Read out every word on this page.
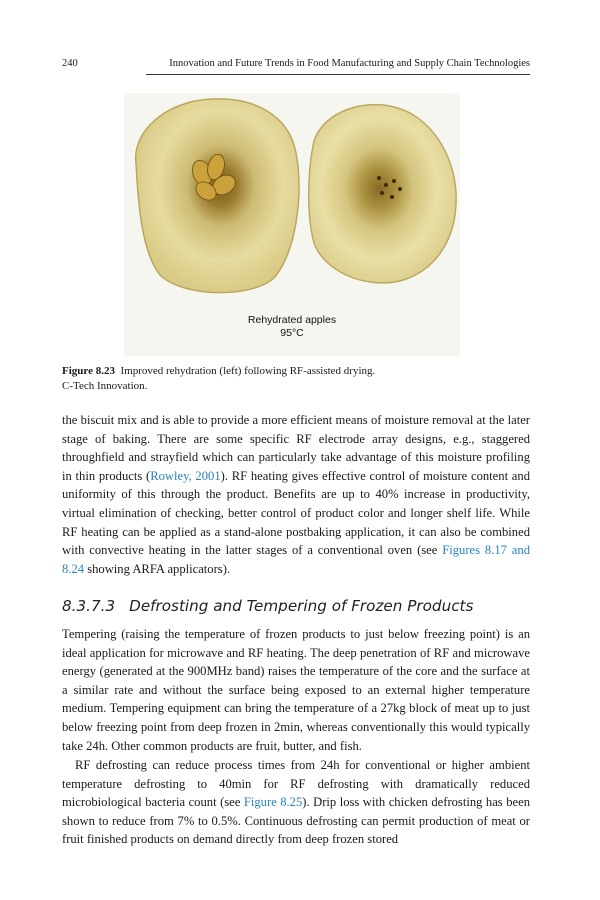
240	Innovation and Future Trends in Food Manufacturing and Supply Chain Technologies
Rehydrated apples
95°C
Figure 8.23 Improved rehydration (left) following RF-assisted drying.
C-Tech Innovation.
the biscuit mix and is able to provide a more efficient means of moisture removal at the later stage of baking. There are some specific RF electrode array designs, e.g., staggered throughfield and strayfield which can particularly take advantage of this moisture profiling in thin products (Rowley, 2001). RF heating gives effective control of moisture content and uniformity of this through the product. Benefits are up to 40% increase in productivity, virtual elimination of checking, better control of product color and longer shelf life. While RF heating can be applied as a stand-alone postbaking application, it can also be combined with convective heating in the latter stages of a conventional oven (see Figures 8.17 and 8.24 showing ARFA applicators).
8.3.7.3 Defrosting and Tempering of Frozen Products
Tempering (raising the temperature of frozen products to just below freezing point) is an ideal application for microwave and RF heating. The deep penetration of RF and microwave energy (generated at the 900MHz band) raises the temperature of the core and the surface at a similar rate and without the surface being exposed to an external higher temperature medium. Tempering equipment can bring the temperature of a 27kg block of meat up to just below freezing point from deep frozen in 2min, whereas conventionally this would typically take 24h. Other common products are fruit, butter, and fish.
RF defrosting can reduce process times from 24h for conventional or higher ambient temperature defrosting to 40min for RF defrosting with dramatically reduced microbiological bacteria count (see Figure 8.25). Drip loss with chicken defrosting has been shown to reduce from 7% to 0.5%. Continuous defrosting can permit production of meat or fruit finished products on demand directly from deep frozen stored
